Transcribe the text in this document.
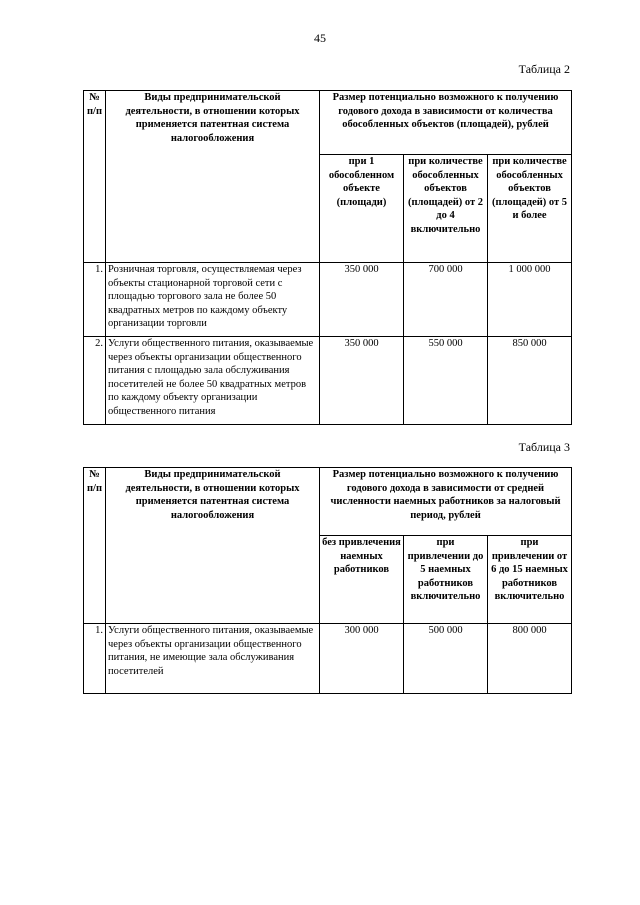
45
Таблица 2
№ п/п	Виды предпринимательской деятельности, в отношении которых применяется патентная система налогообложения	Размер потенциально возможного к получению годового дохода в зависимости от количества обособленных объектов (площадей), рублей		
		при 1 обособленном объекте (площади)	при количестве обособленных объектов (площадей) от 2 до 4 включительно	при количестве обособленных объектов (площадей) от 5 и более
1.	Розничная торговля, осуществляемая через объекты стационарной торговой сети с площадью торгового зала не более 50 квадратных метров по каждому объекту организации торговли	350 000	700 000	1 000 000
2.	Услуги общественного питания, оказываемые через объекты организации общественного питания с площадью зала обслуживания посетителей не более 50 квадратных метров по каждому объекту организации общественного питания	350 000	550 000	850 000
Таблица 3
№ п/п	Виды предпринимательской деятельности, в отношении которых применяется патентная система налогообложения	Размер потенциально возможного к получению годового дохода в зависимости от средней численности наемных работников за налоговый период, рублей		
		без привлечения наемных работников	при привлечении до 5 наемных работников включительно	при привлечении от 6 до 15 наемных работников включительно
1.	Услуги общественного питания, оказываемые через объекты организации общественного питания, не имеющие зала обслуживания посетителей	300 000	500 000	800 000
